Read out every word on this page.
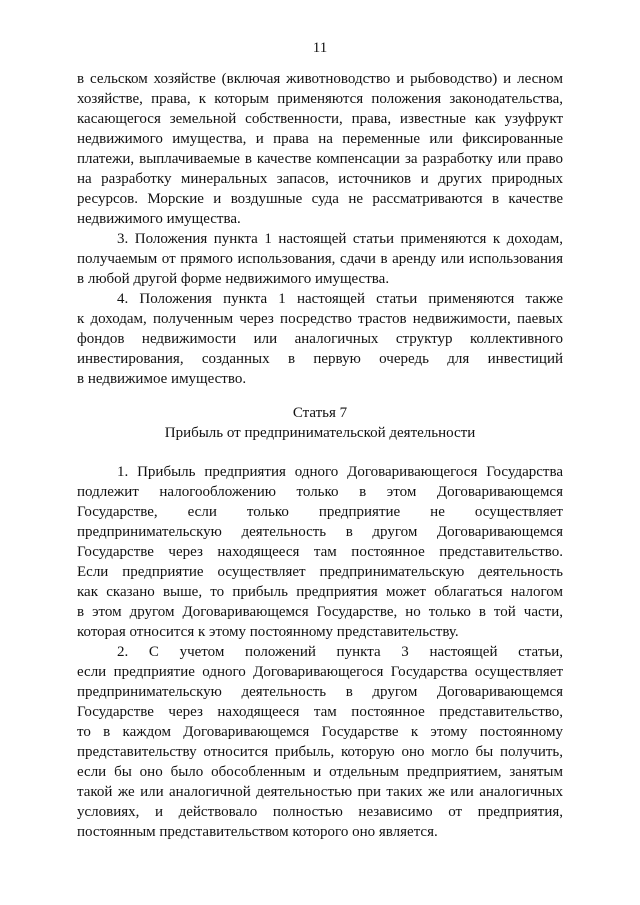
11
в сельском хозяйстве (включая животноводство и рыбоводство) и лесном
хозяйстве, права, к которым применяются положения законодательства,
касающегося земельной собственности, права, известные как узуфрукт
недвижимого имущества, и права на переменные или фиксированные
платежи, выплачиваемые в качестве компенсации за разработку или право
на разработку минеральных запасов, источников и других природных
ресурсов. Морские и воздушные суда не рассматриваются в качестве
недвижимого имущества.
3. Положения пункта 1 настоящей статьи применяются к доходам,
получаемым от прямого использования, сдачи в аренду или использования
в любой другой форме недвижимого имущества.
4. Положения пункта 1 настоящей статьи применяются также
к доходам, полученным через посредство трастов недвижимости, паевых
фондов недвижимости или аналогичных структур коллективного
инвестирования, созданных в первую очередь для инвестиций
в недвижимое имущество.
Статья 7
Прибыль от предпринимательской деятельности
1. Прибыль предприятия одного Договаривающегося Государства
подлежит налогообложению только в этом Договаривающемся
Государстве, если только предприятие не осуществляет
предпринимательскую деятельность в другом Договаривающемся
Государстве через находящееся там постоянное представительство.
Если предприятие осуществляет предпринимательскую деятельность
как сказано выше, то прибыль предприятия может облагаться налогом
в этом другом Договаривающемся Государстве, но только в той части,
которая относится к этому постоянному представительству.
2. С учетом положений пункта 3 настоящей статьи,
если предприятие одного Договаривающегося Государства осуществляет
предпринимательскую деятельность в другом Договаривающемся
Государстве через находящееся там постоянное представительство,
то в каждом Договаривающемся Государстве к этому постоянному
представительству относится прибыль, которую оно могло бы получить,
если бы оно было обособленным и отдельным предприятием, занятым
такой же или аналогичной деятельностью при таких же или аналогичных
условиях, и действовало полностью независимо от предприятия,
постоянным представительством которого оно является.
